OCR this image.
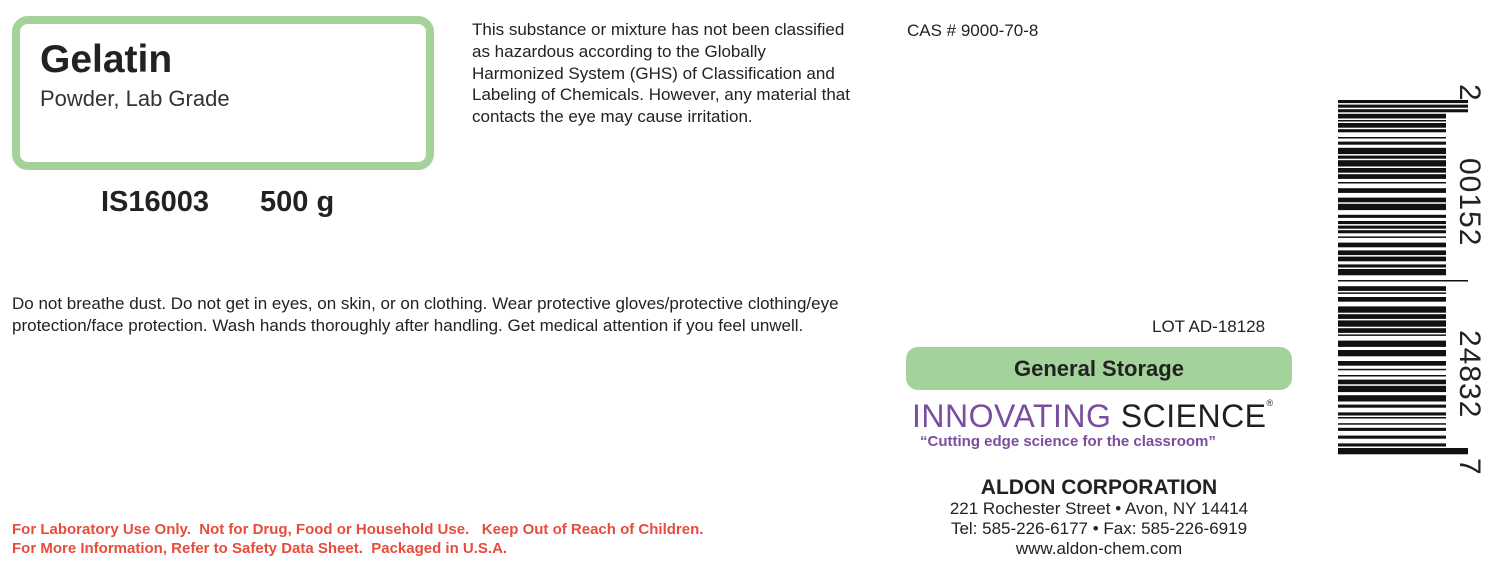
Gelatin
Powder, Lab Grade
IS16003 500 g
This substance or mixture has not been classified as hazardous according to the Globally Harmonized System (GHS) of Classification and Labeling of Chemicals. However, any material that contacts the eye may cause irritation.
CAS # 9000-70-8
Do not breathe dust. Do not get in eyes, on skin, or on clothing. Wear protective gloves/protective clothing/eye protection/face protection. Wash hands thoroughly after handling. Get medical attention if you feel unwell.
For Laboratory Use Only.  Not for Drug, Food or Household Use.   Keep Out of Reach of Children.
For More Information, Refer to Safety Data Sheet.  Packaged in U.S.A.
LOT AD-18128
General Storage
INNOVATING SCIENCE®
“Cutting edge science for the classroom”
ALDON CORPORATION
221 Rochester Street • Avon, NY 14414
Tel: 585-226-6177 • Fax: 585-226-6919
www.aldon-chem.com
2
00152
24832
7
